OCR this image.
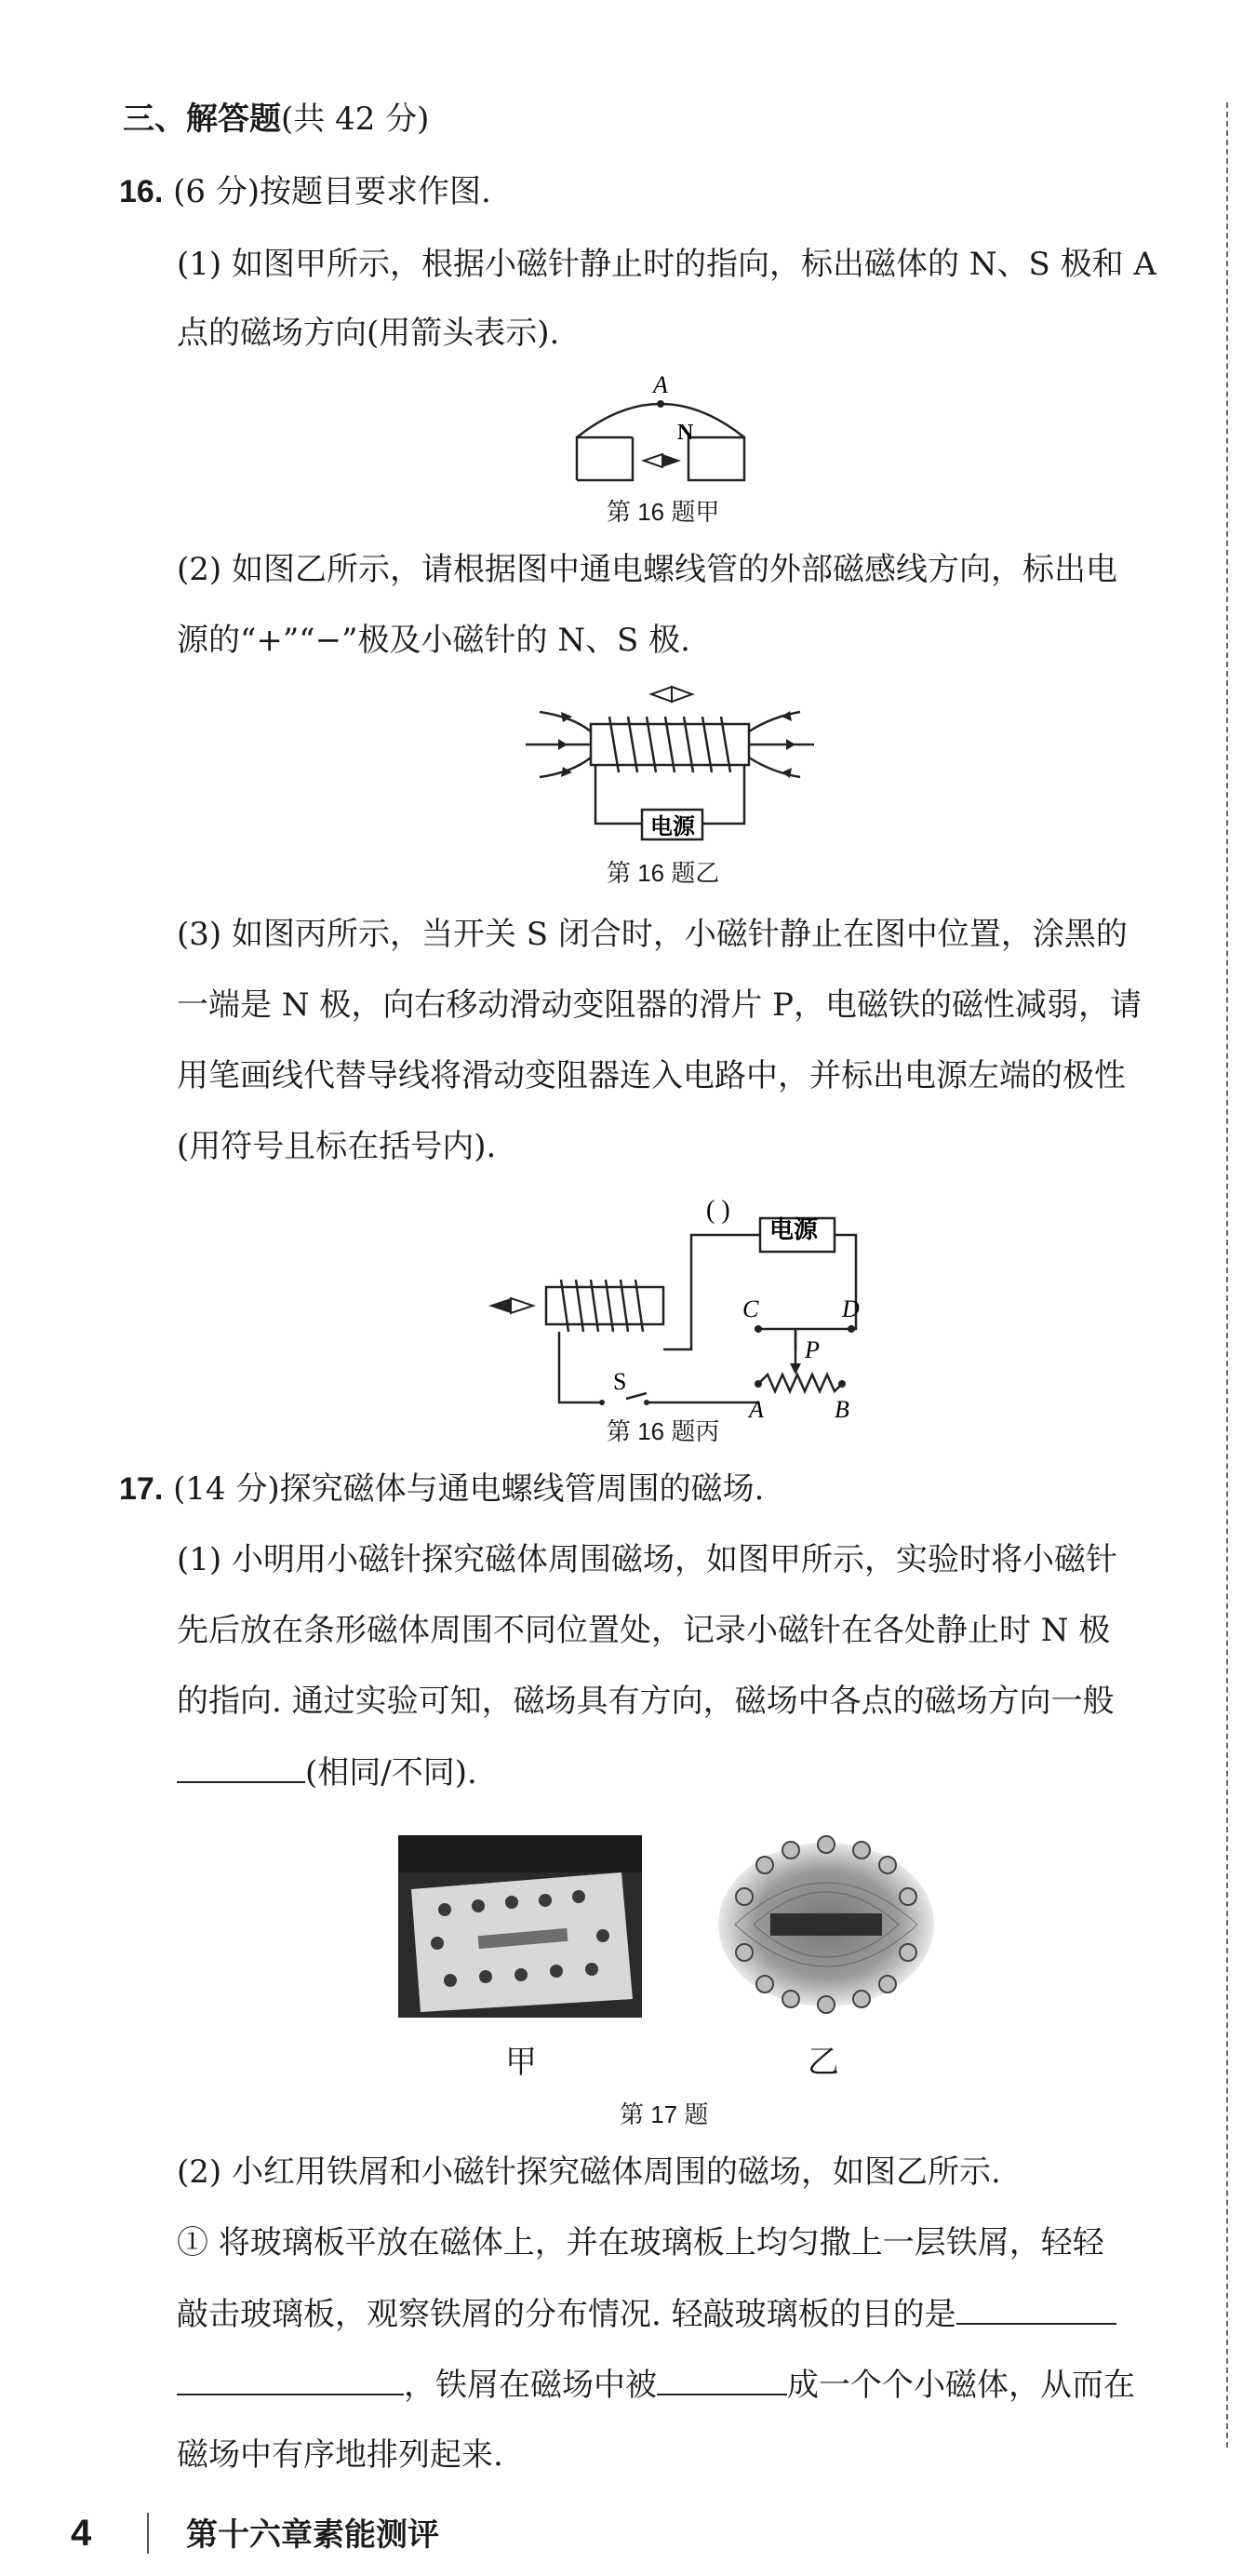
三、解答题(共 42 分)
16. (6 分)按题目要求作图.
(1) 如图甲所示，根据小磁针静止时的指向，标出磁体的 N、S 极和 A
点的磁场方向(用箭头表示).
A
N
第 16 题甲
(2) 如图乙所示，请根据图中通电螺线管的外部磁感线方向，标出电
源的“+”“−”极及小磁针的 N、S 极.
电源
第 16 题乙
(3) 如图丙所示，当开关 S 闭合时，小磁针静止在图中位置，涂黑的
一端是 N 极，向右移动滑动变阻器的滑片 P，电磁铁的磁性减弱，请
用笔画线代替导线将滑动变阻器连入电路中，并标出电源左端的极性
(用符号且标在括号内).
( )
C	D
P
A	B
S
电源
第 16 题丙
17. (14 分)探究磁体与通电螺线管周围的磁场.
(1) 小明用小磁针探究磁体周围磁场，如图甲所示，实验时将小磁针
先后放在条形磁体周围不同位置处，记录小磁针在各处静止时 N 极
的指向. 通过实验可知，磁场具有方向，磁场中各点的磁场方向一般
(相同/不同).
甲	乙
第 17 题
(2) 小红用铁屑和小磁针探究磁体周围的磁场，如图乙所示.
① 将玻璃板平放在磁体上，并在玻璃板上均匀撒上一层铁屑，轻轻
敲击玻璃板，观察铁屑的分布情况. 轻敲玻璃板的目的是
，铁屑在磁场中被	成一个个小磁体，从而在
磁场中有序地排列起来.
4	第十六章素能测评
